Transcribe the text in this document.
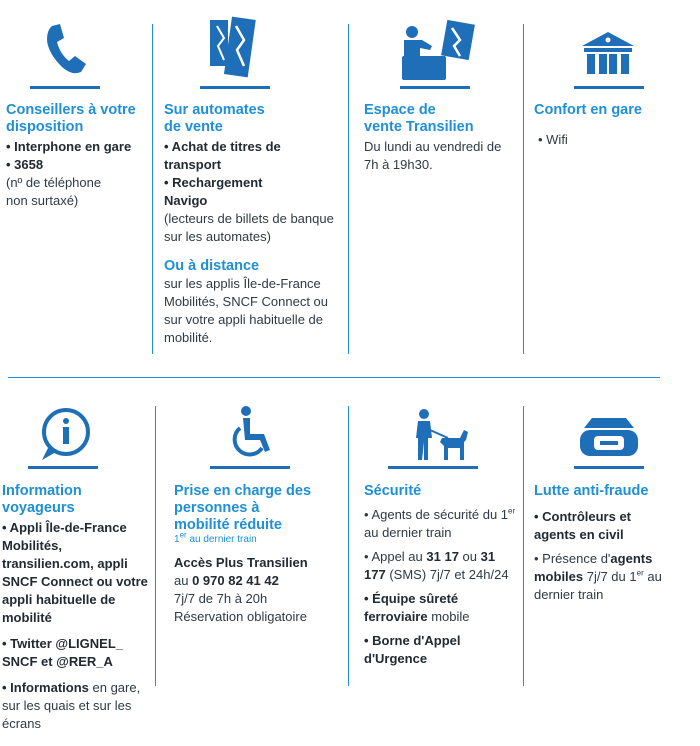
Conseillers à votre disposition

• Interphone en gare

• 3658

(nº de téléphone non surtaxé)

Sur automates de vente

• Achat de titres de transport

• Rechargement Navigo

(lecteurs de billets de banque sur les automates)

Ou à distance

sur les applis Île-de-France Mobilités, SNCF Connect ou sur votre appli habituelle de mobilité.

Espace de vente Transilien

Du lundi au vendredi de 7h à 19h30.

Confort en gare

• Wifi

Information voyageurs

• Appli Île-de-France Mobilités, transilien.com, appli SNCF Connect ou votre appli habituelle de mobilité

• Twitter @LIGNEL_ SNCF et @RER_A

• Informations en gare, sur les quais et sur les écrans

Prise en charge des personnes à mobilité réduite

1er au dernier train

Accès Plus Transilien

au 0 970 82 41 42

7j/7 de 7h à 20h

Réservation obligatoire

Sécurité

• Agents de sécurité du 1er au dernier train

• Appel au 31 17 ou 31 177 (SMS) 7j/7 et 24h/24

• Équipe sûreté ferroviaire mobile

• Borne d'Appel d'Urgence

Lutte anti-fraude

• Contrôleurs et agents en civil

• Présence d'agents mobiles 7j/7 du 1er au dernier train
